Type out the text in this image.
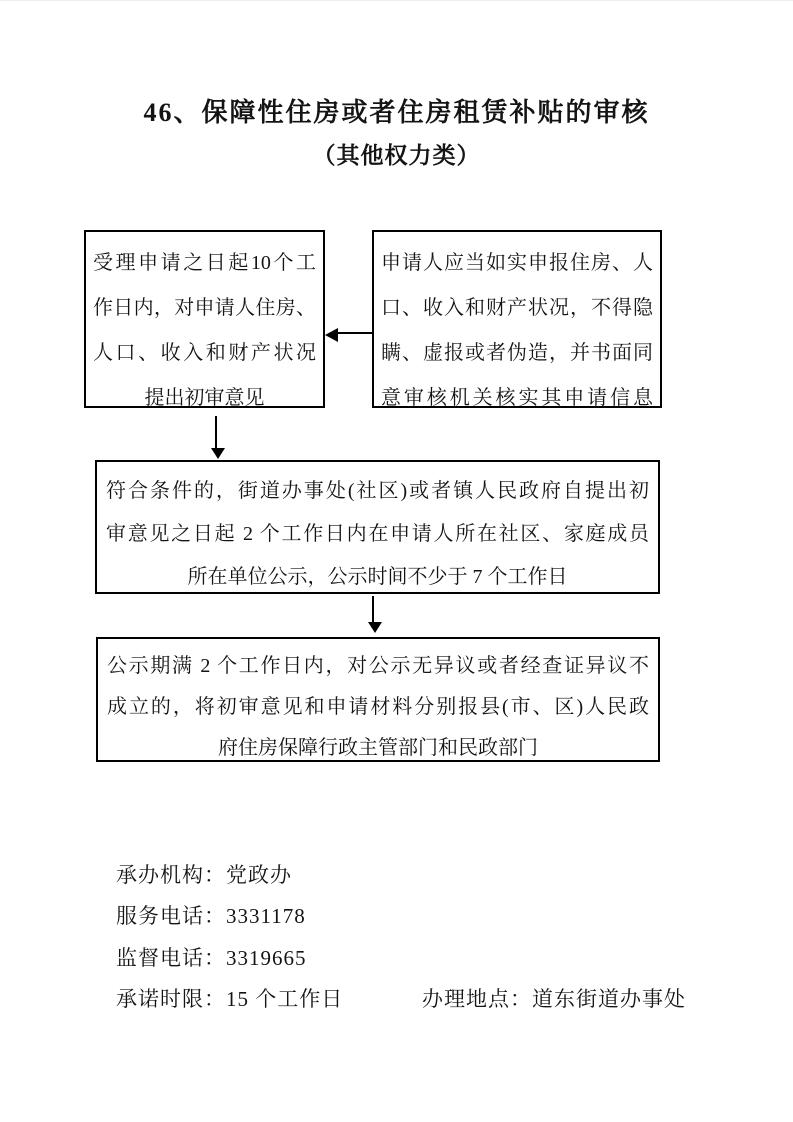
46、保障性住房或者住房租赁补贴的审核
（其他权力类）
受理申请之日起10个工
作日内，对申请人住房、
人口、收入和财产状况
提出初审意见
申请人应当如实申报住房、人
口、收入和财产状况，不得隐
瞒、虚报或者伪造，并书面同
意审核机关核实其申请信息
符合条件的，街道办事处(社区)或者镇人民政府自提出初
审意见之日起 2 个工作日内在申请人所在社区、家庭成员
所在单位公示，公示时间不少于 7 个工作日
公示期满 2 个工作日内，对公示无异议或者经查证异议不
成立的，将初审意见和申请材料分别报县(市、区)人民政
府住房保障行政主管部门和民政部门
承办机构：党政办
服务电话：3331178
监督电话：3319665
承诺时限：15 个工作日	办理地点：道东街道办事处
